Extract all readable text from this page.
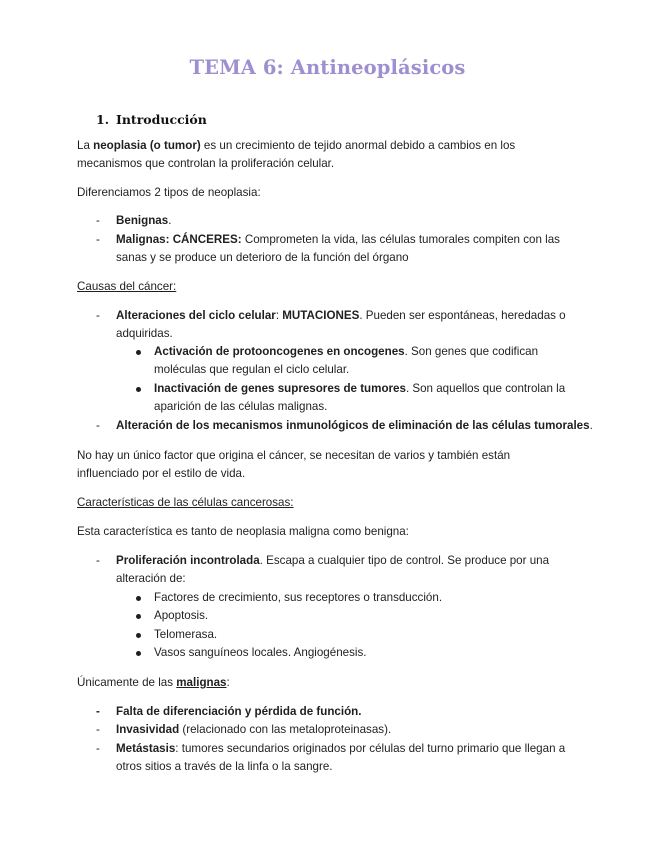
TEMA 6: Antineoplásicos
1. Introducción

La neoplasia (o tumor) es un crecimiento de tejido anormal debido a cambios en los

mecanismos que controlan la proliferación celular.

Diferenciamos 2 tipos de neoplasia:

- Benignas.

- Malignas: CÁNCERES: Comprometen la vida, las células tumorales compiten con las

sanas y se produce un deterioro de la función del órgano

Causas del cáncer:

- Alteraciones del ciclo celular: MUTACIONES. Pueden ser espontáneas, heredadas o

adquiridas.

Activación de protooncogenes en oncogenes. Son genes que codifican

moléculas que regulan el ciclo celular.

Inactivación de genes supresores de tumores. Son aquellos que controlan la

aparición de las células malignas.

- Alteración de los mecanismos inmunológicos de eliminación de las células tumorales.

No hay un único factor que origina el cáncer, se necesitan de varios y también están

influenciado por el estilo de vida.

Características de las células cancerosas:

Esta característica es tanto de neoplasia maligna como benigna:

- Proliferación incontrolada. Escapa a cualquier tipo de control. Se produce por una

alteración de:

Factores de crecimiento, sus receptores o transducción.

Apoptosis.

Telomerasa.

Vasos sanguíneos locales. Angiogénesis.

Únicamente de las malignas:

- Falta de diferenciación y pérdida de función.

- Invasividad (relacionado con las metaloproteinasas).

- Metástasis: tumores secundarios originados por células del turno primario que llegan a

otros sitios a través de la linfa o la sangre.
